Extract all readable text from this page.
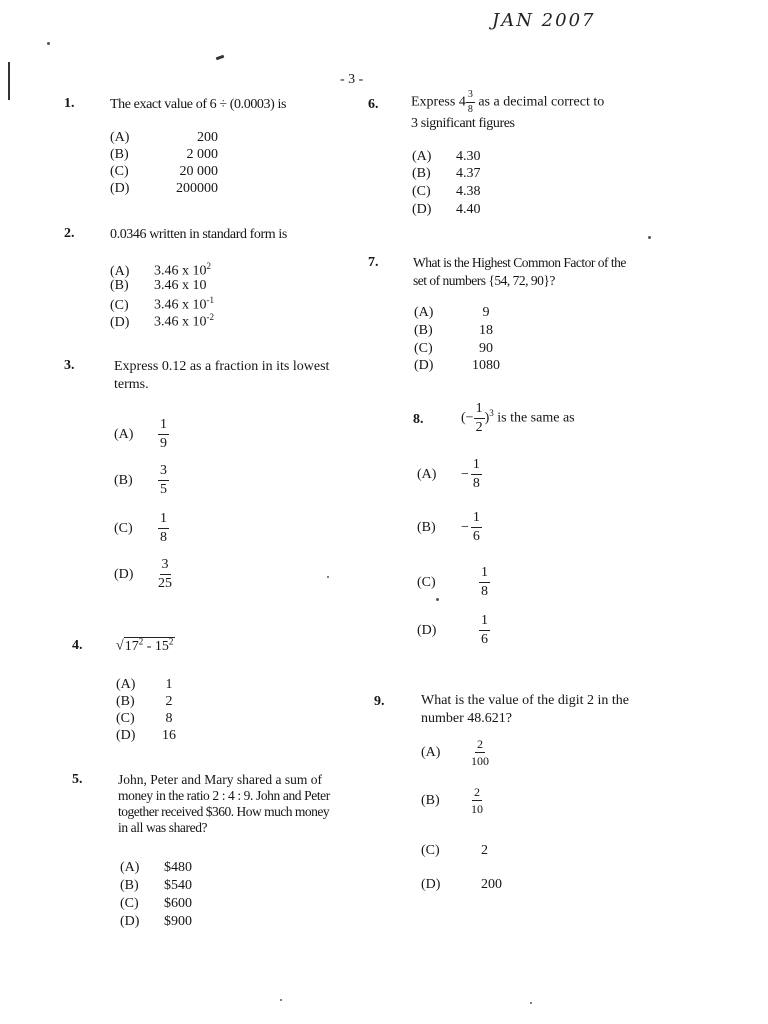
JAN 2007
- 3 -
1.	The exact value of 6 ÷ (0.0003) is
(A)	200
(B)	2 000
(C)	20 000
(D)	200000
2.	0.0346 written in standard form is
(A) 3.46 x $10^2$
(B) 3.46 x 10
(C) 3.46 x $10^{-1}$
(D) 3.46 x $10^{-2}$
3.	Express 0.12 as a fraction in its lowest terms.
$(A) \frac{1}{9}$
$(B) \frac{3}{5}$
$(C) \frac{1}{8}$
$(D) \frac{3}{25}$
4. $√17^2 - 15^2$
(A) 1
(B) 2
(C) 8
(D) 16
5.	John, Peter and Mary shared a sum of
money in the ratio 2 : 4 : 9. John and Peter
together received $360. How much money
in all was shared?
(A) $480
(B) $540
(C) $600
(D) $900
6. Express $4 \frac{3}{8}$ as a decimal correct to
3 significant figures
(A) 4.30
(B) 4.37
(C) 4.38
(D) 4.40
7.	What is the Highest Common Factor of the
set of numbers {54, 72, 90}?
(A)	9
(B)	18
(C)	90
(D)	1080
8.	(− $\frac{1}{2} )^3$ is the same as
$(A) - \frac{1}{8}$
$(B) - \frac{1}{6}$
(C)	$\frac{1}{8}$
(D)	$\frac{1}{6}$
9.	What is the value of the digit 2 in the
number 48.621?
(A)	$\frac{2}{100}$
(B)	$\frac{2}{10}$
(C)	2
(D)	200
